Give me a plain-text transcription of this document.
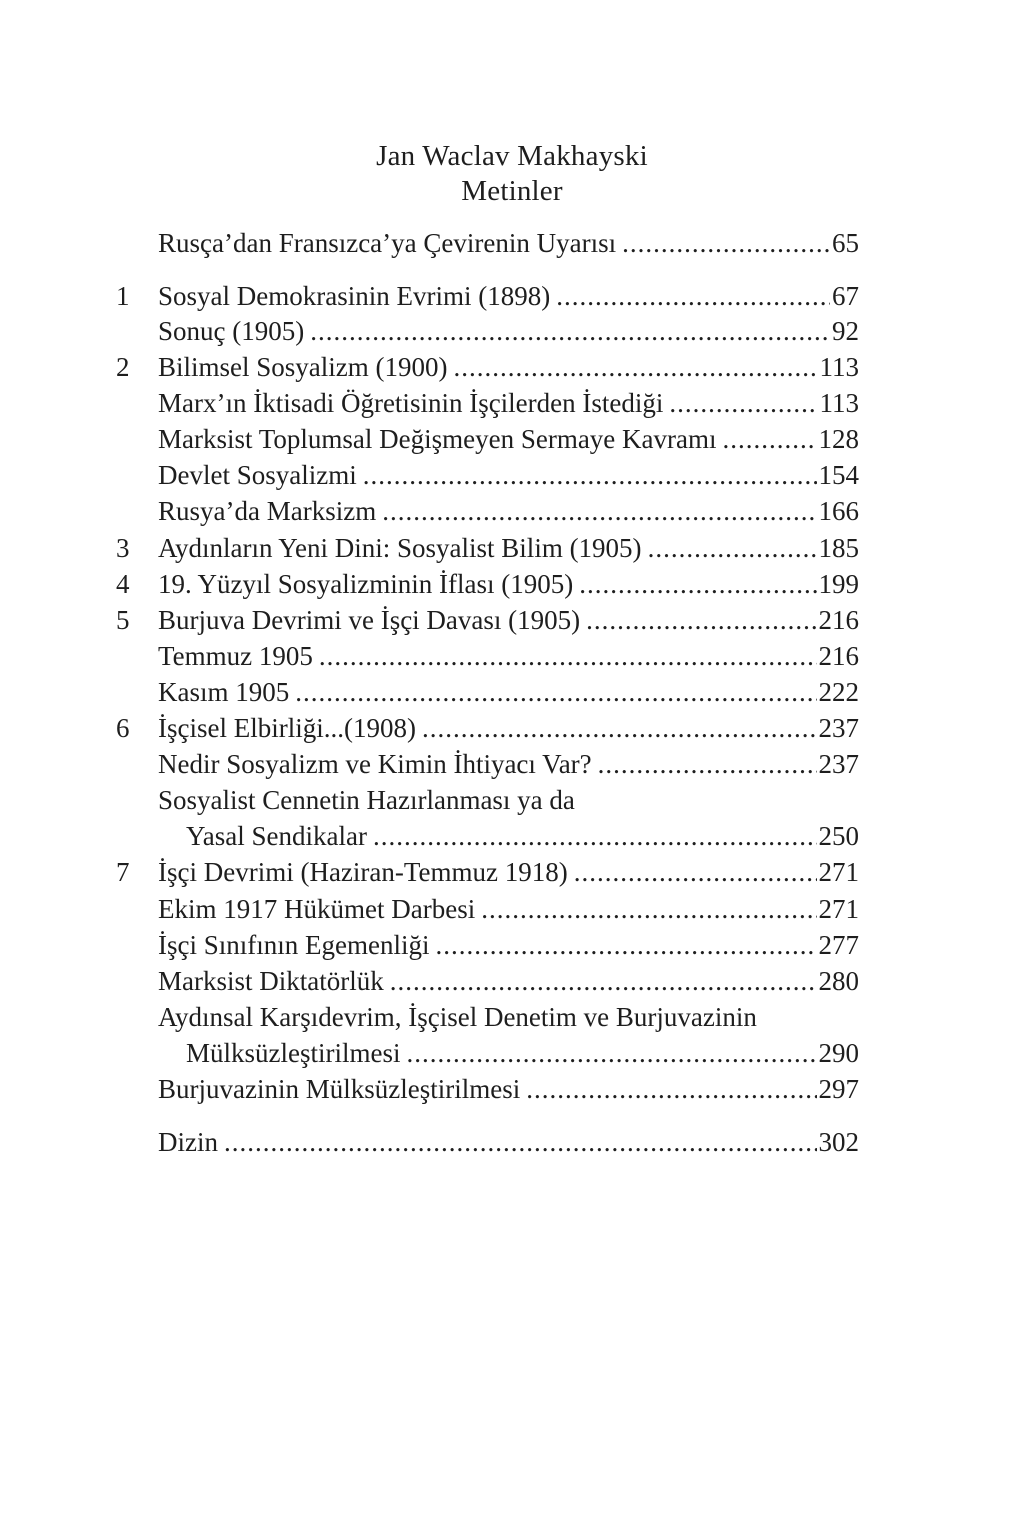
Jan Waclav Makhayski
Metinler
Rusça’dan Fransızca’ya Çevirenin Uyarısı .....	65
1	Sosyal Demokrasinin Evrimi (1898) .....	67
Sonuç (1905) .....	92
2	Bilimsel Sosyalizm (1900) .....	113
Marx’ın İktisadi Öğretisinin İşçilerden İstediği .....	113
Marksist Toplumsal Değişmeyen Sermaye Kavramı .....	128
Devlet Sosyalizmi .....	154
Rusya’da Marksizm .....	166
3	Aydınların Yeni Dini: Sosyalist Bilim (1905) .....	185
4	19. Yüzyıl Sosyalizminin İflası (1905) .....	199
5	Burjuva Devrimi ve İşçi Davası (1905) .....	216
Temmuz 1905 .....	216
Kasım 1905 .....	222
6	İşçisel Elbirliği...(1908) .....	237
Nedir Sosyalizm ve Kimin İhtiyacı Var? .....	237
Sosyalist Cennetin Hazırlanması ya da
Yasal Sendikalar .....	250
7	İşçi Devrimi (Haziran-Temmuz 1918) .....	271
Ekim 1917 Hükümet Darbesi .....	271
İşçi Sınıfının Egemenliği .....	277
Marksist Diktatörlük .....	280
Aydınsal Karşıdevrim, İşçisel Denetim ve Burjuvazinin
Mülksüzleştirilmesi .....	290
Burjuvazinin Mülksüzleştirilmesi .....	297
Dizin .....	302
